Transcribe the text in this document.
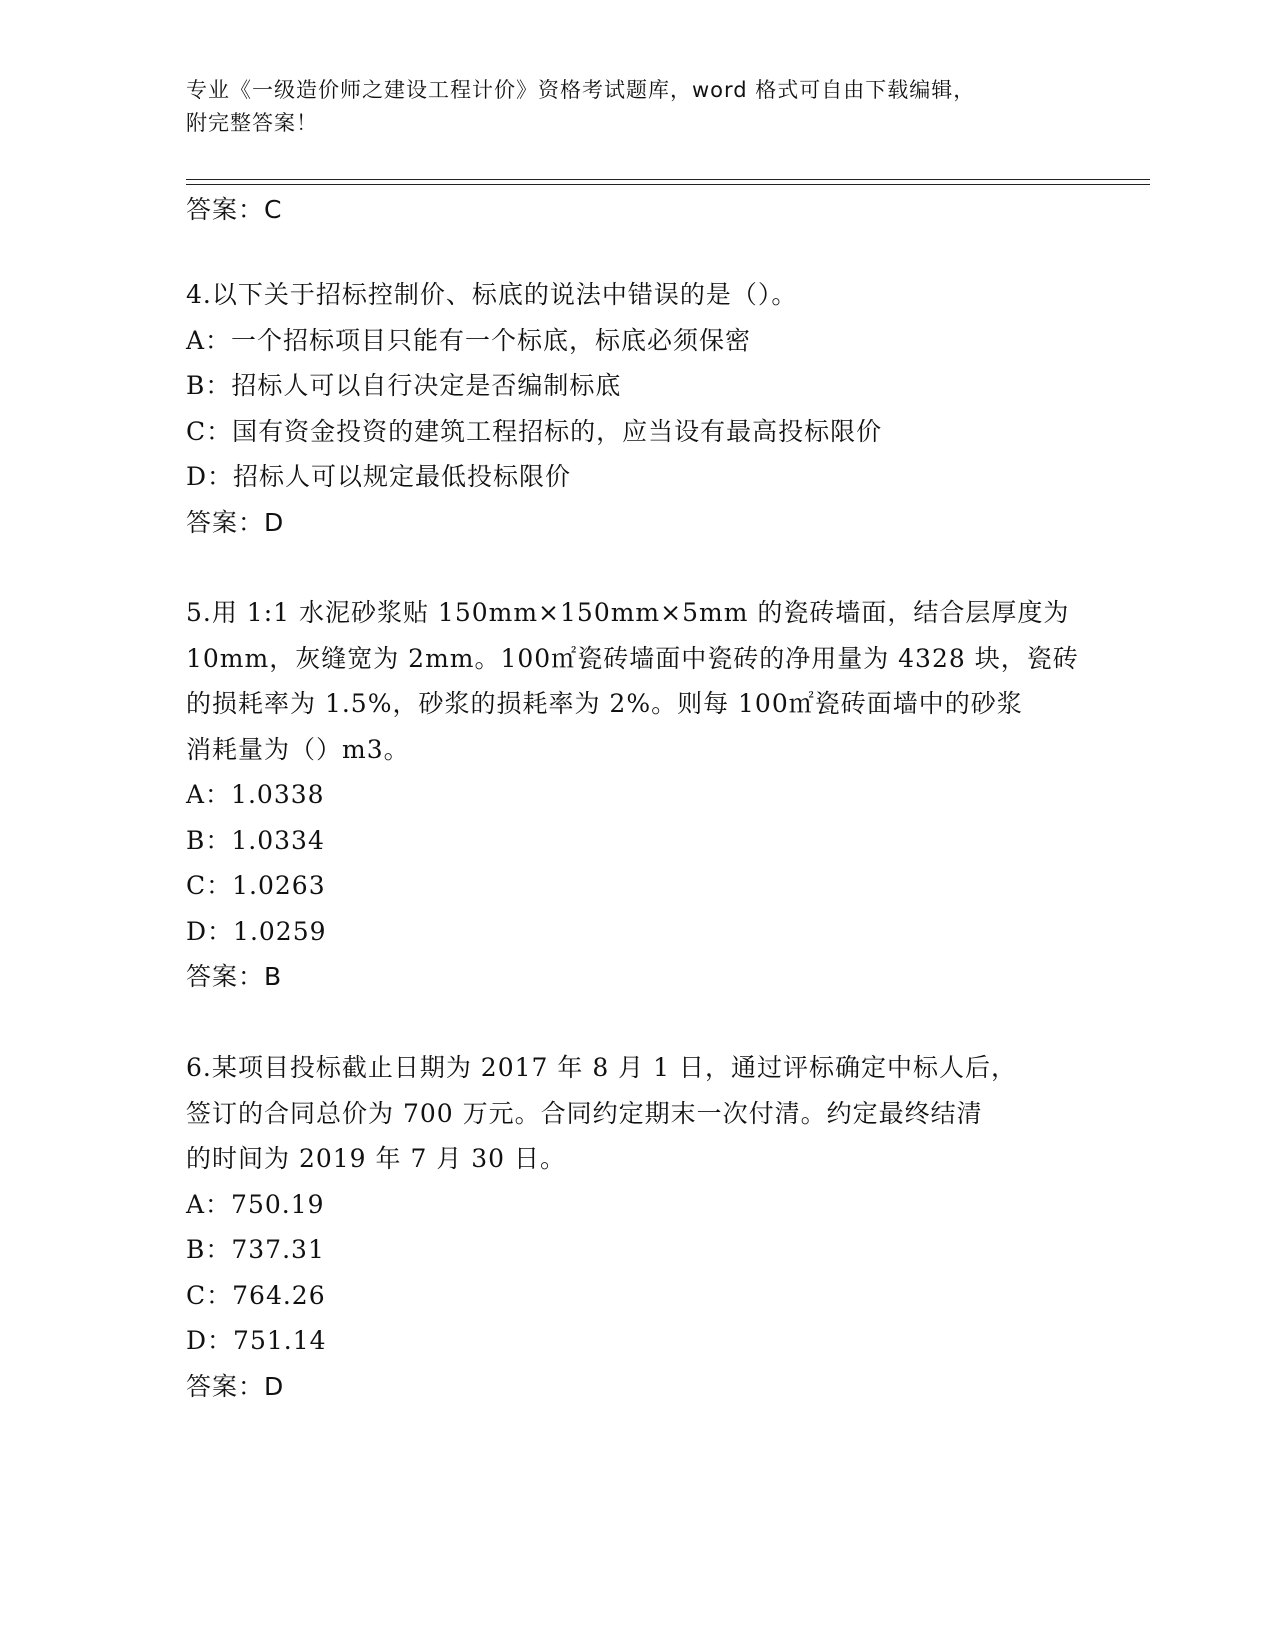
专业《一级造价师之建设工程计价》资格考试题库，word 格式可自由下载编辑，
附完整答案！
答案：C
4.以下关于招标控制价、标底的说法中错误的是（）。
A：一个招标项目只能有一个标底，标底必须保密
B：招标人可以自行决定是否编制标底
C：国有资金投资的建筑工程招标的，应当设有最高投标限价
D：招标人可以规定最低投标限价
答案：D
5.用 1:1 水泥砂浆贴 150mm×150mm×5mm 的瓷砖墙面，结合层厚度为
10mm，灰缝宽为 2mm。100㎡瓷砖墙面中瓷砖的净用量为 4328 块，瓷砖
的损耗率为 1.5%，砂浆的损耗率为 2%。则每 100㎡瓷砖面墙中的砂浆
消耗量为（）m3。
A：1.0338
B：1.0334
C：1.0263
D：1.0259
答案：B
6.某项目投标截止日期为 2017 年 8 月 1 日，通过评标确定中标人后，
签订的合同总价为 700 万元。合同约定期末一次付清。约定最终结清
的时间为 2019 年 7 月 30 日。
A：750.19
B：737.31
C：764.26
D：751.14
答案：D
